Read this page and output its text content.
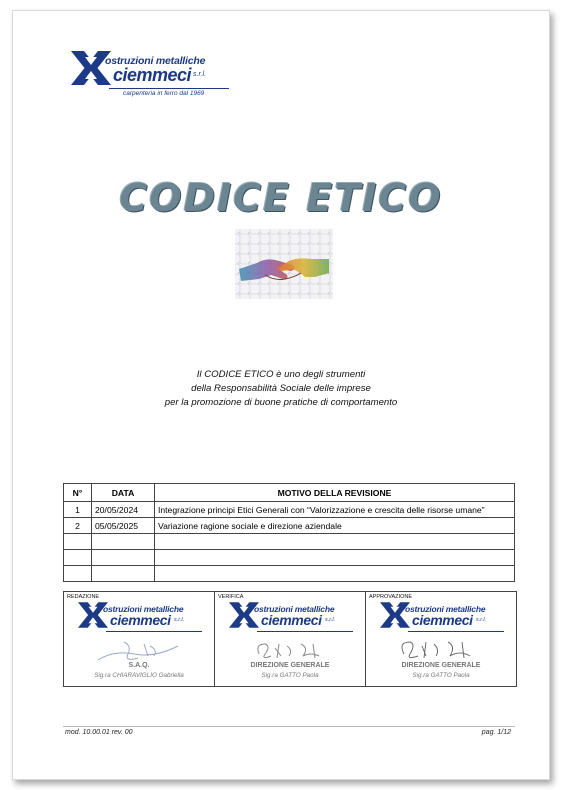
ostruzioni metalliche
ciemmeci s.r.l.
carpenteria in ferro dal 1969
CODICE ETICO
Il CODICE ETICO è uno degli strumenti
della Responsabilità Sociale delle imprese
per la promozione di buone pratiche di comportamento
N°	DATA	MOTIVO DELLA REVISIONE
1	20/05/2024	Integrazione principi Etici Generali con “Valorizzazione e crescita delle risorse umane”
2	05/05/2025	Variazione ragione sociale e direzione aziendale

REDAZIONE
ostruzioni metalliche
ciemmeci s.r.l.
S.A.Q.
Sig.ra CHIARAVIGLIO Gabriella
VERIFICA
ostruzioni metalliche
ciemmeci s.r.l.
DIREZIONE GENERALE
Sig.ra GATTO Paola
APPROVAZIONE
ostruzioni metalliche
ciemmeci s.r.l.
DIREZIONE GENERALE
Sig.ra GATTO Paola
mod. 10.00.01 rev. 00	pag. 1/12
